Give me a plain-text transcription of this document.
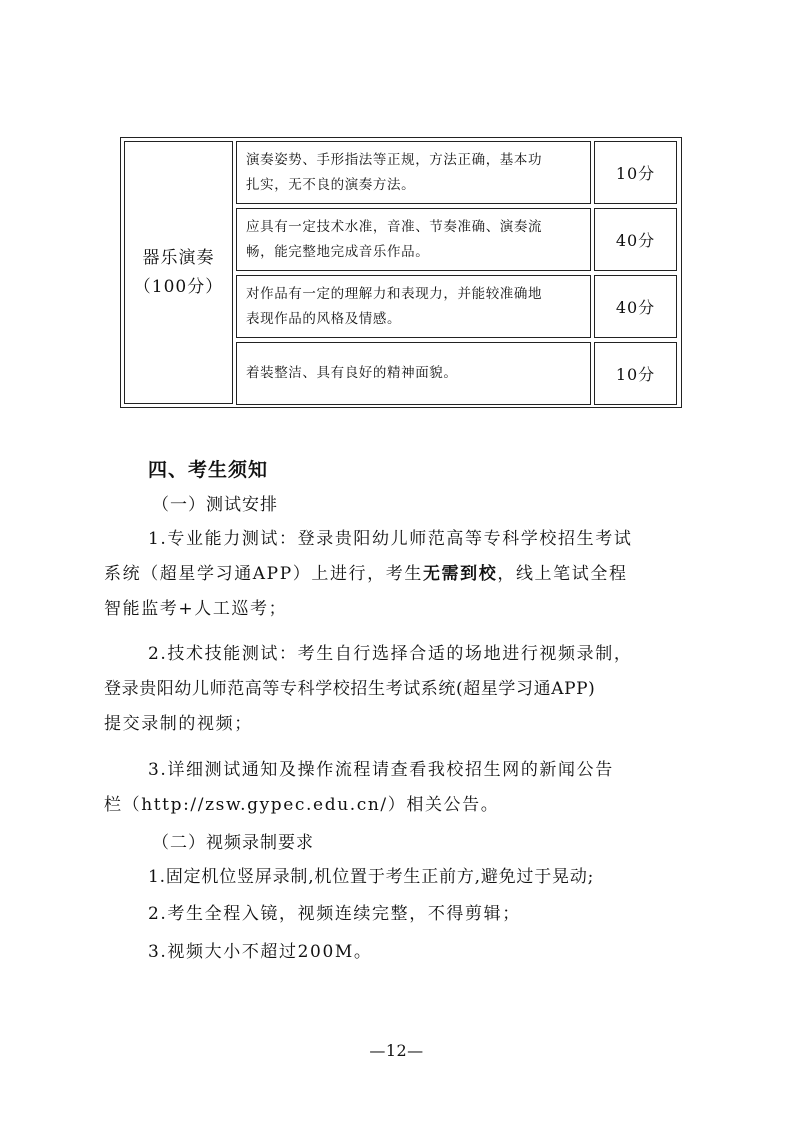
器乐演奏
（100分）
演奏姿势、手形指法等正规，方法正确，基本功
扎实，无不良的演奏方法。
10分
应具有一定技术水准，音准、节奏准确、演奏流
畅，能完整地完成音乐作品。
40分
对作品有一定的理解力和表现力，并能较准确地
表现作品的风格及情感。
40分
着装整洁、具有良好的精神面貌。	10分
四、考生须知
（一）测试安排
1.专业能力测试：登录贵阳幼儿师范高等专科学校招生考试
系统（超星学习通APP）上进行，考生无需到校，线上笔试全程
智能监考+人工巡考；
2.技术技能测试：考生自行选择合适的场地进行视频录制，
登录贵阳幼儿师范高等专科学校招生考试系统(超星学习通APP)
提交录制的视频；
3.详细测试通知及操作流程请查看我校招生网的新闻公告
栏（http://zsw.gypec.edu.cn/）相关公告。
（二）视频录制要求
1.固定机位竖屏录制,机位置于考生正前方,避免过于晃动;
2.考生全程入镜，视频连续完整，不得剪辑；
3.视频大小不超过200M。
—12—
